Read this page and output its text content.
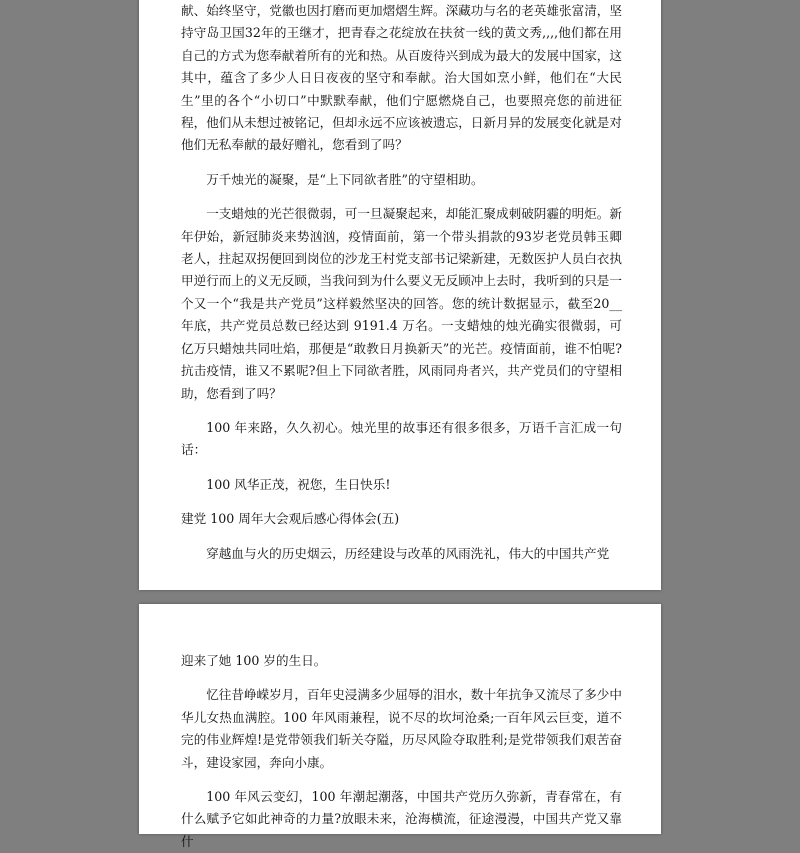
献、始终坚守，党徽也因打磨而更加熠熠生辉。深藏功与名的老英雄张富清，坚持守岛卫国32年的王继才，把青春之花绽放在扶贫一线的黄文秀,,,,他们都在用自己的方式为您奉献着所有的光和热。从百废待兴到成为最大的发展中国家，这其中，蕴含了多少人日日夜夜的坚守和奉献。治大国如烹小鲜，他们在“大民生”里的各个“小切口”中默默奉献，他们宁愿燃烧自己，也要照亮您的前进征程，他们从未想过被铭记，但却永远不应该被遗忘，日新月异的发展变化就是对他们无私奉献的最好赠礼，您看到了吗？

万千烛光的凝聚，是“上下同欲者胜”的守望相助。

一支蜡烛的光芒很微弱，可一旦凝聚起来，却能汇聚成刺破阴霾的明炬。新年伊始，新冠肺炎来势汹汹，疫情面前，第一个带头捐款的93岁老党员韩玉卿老人，拄起双拐便回到岗位的沙龙王村党支部书记梁新建，无数医护人员白衣执甲逆行而上的义无反顾，当我问到为什么要义无反顾冲上去时，我听到的只是一个又一个“我是共产党员”这样毅然坚决的回答。您的统计数据显示，截至20__年底，共产党员总数已经达到 9191.4 万名。一支蜡烛的烛光确实很微弱，可亿万只蜡烛共同吐焰，那便是“敢教日月换新天”的光芒。疫情面前，谁不怕呢?抗击疫情，谁又不累呢?但上下同欲者胜，风雨同舟者兴，共产党员们的守望相助，您看到了吗？

100 年来路，久久初心。烛光里的故事还有很多很多，万语千言汇成一句话：

100 风华正茂，祝您，生日快乐!

建党 100 周年大会观后感心得体会(五)

穿越血与火的历史烟云，历经建设与改革的风雨洗礼，伟大的中国共产党

迎来了她 100 岁的生日。

忆往昔峥嵘岁月，百年史浸满多少屈辱的泪水，数十年抗争又流尽了多少中华儿女热血满腔。100 年风雨兼程，说不尽的坎坷沧桑;一百年风云巨变，道不完的伟业辉煌!是党带领我们斩关夺隘，历尽风险夺取胜利;是党带领我们艰苦奋斗，建设家园，奔向小康。

100 年风云变幻，100 年潮起潮落，中国共产党历久弥新，青春常在，有什么赋予它如此神奇的力量?放眼未来，沧海横流，征途漫漫，中国共产党又靠什
